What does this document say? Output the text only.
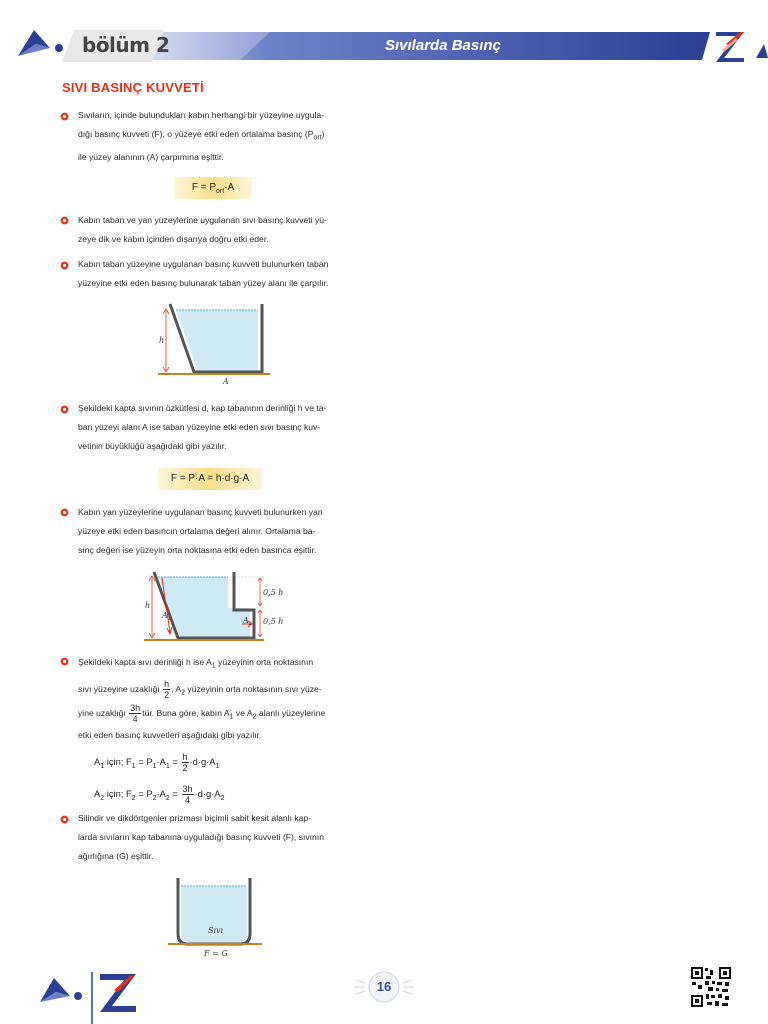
bölüm 2	Sıvılarda Basınç
SIVI BASINÇ KUVVETİ
Sıvıların, içinde bulundukları kabın herhangi bir yüzeyine uygula-
dığı basınç kuvveti (F), o yüzeye etki eden ortalama basınç $(P_{ort})$
ile yüzey alanının (A) çarpımına eşittir.
$F = P_{ort}\cdot A$
Kabın taban ve yan yüzeylerine uygulanan sıvı basınç kuvveti yü-
zeye dik ve kabın içinden dışarıya doğru etki eder.
Kabın taban yüzeyine uygulanan basınç kuvveti bulunurken taban
yüzeyine etki eden basınç bulunarak taban yüzey alanı ile çarpılır.
h
A
Şekildeki kapta sıvının özkütlesi d, kap tabanının derinliği h ve ta-
ban yüzeyi alanı A ise taban yüzeyine etki eden sıvı basınç kuv-
vetinin büyüklüğü aşağıdaki gibi yazılır.
F = P·A = h·d·g·A
Kabın yan yüzeylerine uygulanan basınç kuvveti bulunurken yan
yüzeye etki eden basıncın ortalama değeri alınır. Ortalama ba-
sınç değeri ise yüzeyin orta noktasına etki eden basınca eşittir.
h
$A_1$	$A_2$
0,5 h
0,5 h
Şekildeki kapta sıvı derinliği h ise $A_1$ yüzeyinin orta noktasının
sıvı yüzeyine uzaklığı $\frac{h}{2}$ , $A_2$ yüzeyinin orta noktasının sıvı yüze-
yine uzaklığı $\frac{3h}{4}$ tür. Buna göre, kabın $A_1$ ve $A_2$ alanlı yüzeylerine
etki eden basınç kuvvetleri aşağıdaki gibi yazılır.
$A_1$ için; $F_1 = P_1\cdot A_1 = \frac{h}{2} \cdot d\cdot g\cdot A_1$
$A_2$ için; $F_2 = P_2\cdot A_2 = \frac{3h}{4} \cdot d\cdot g\cdot A_2$
Silindir ve dikdörtgenler prizması biçimli sabit kesit alanlı kap-
larda sıvıların kap tabanına uyguladığı basınç kuvveti (F), sıvının
ağırlığına (G) eşittir.
Sıvı
F = G
16
